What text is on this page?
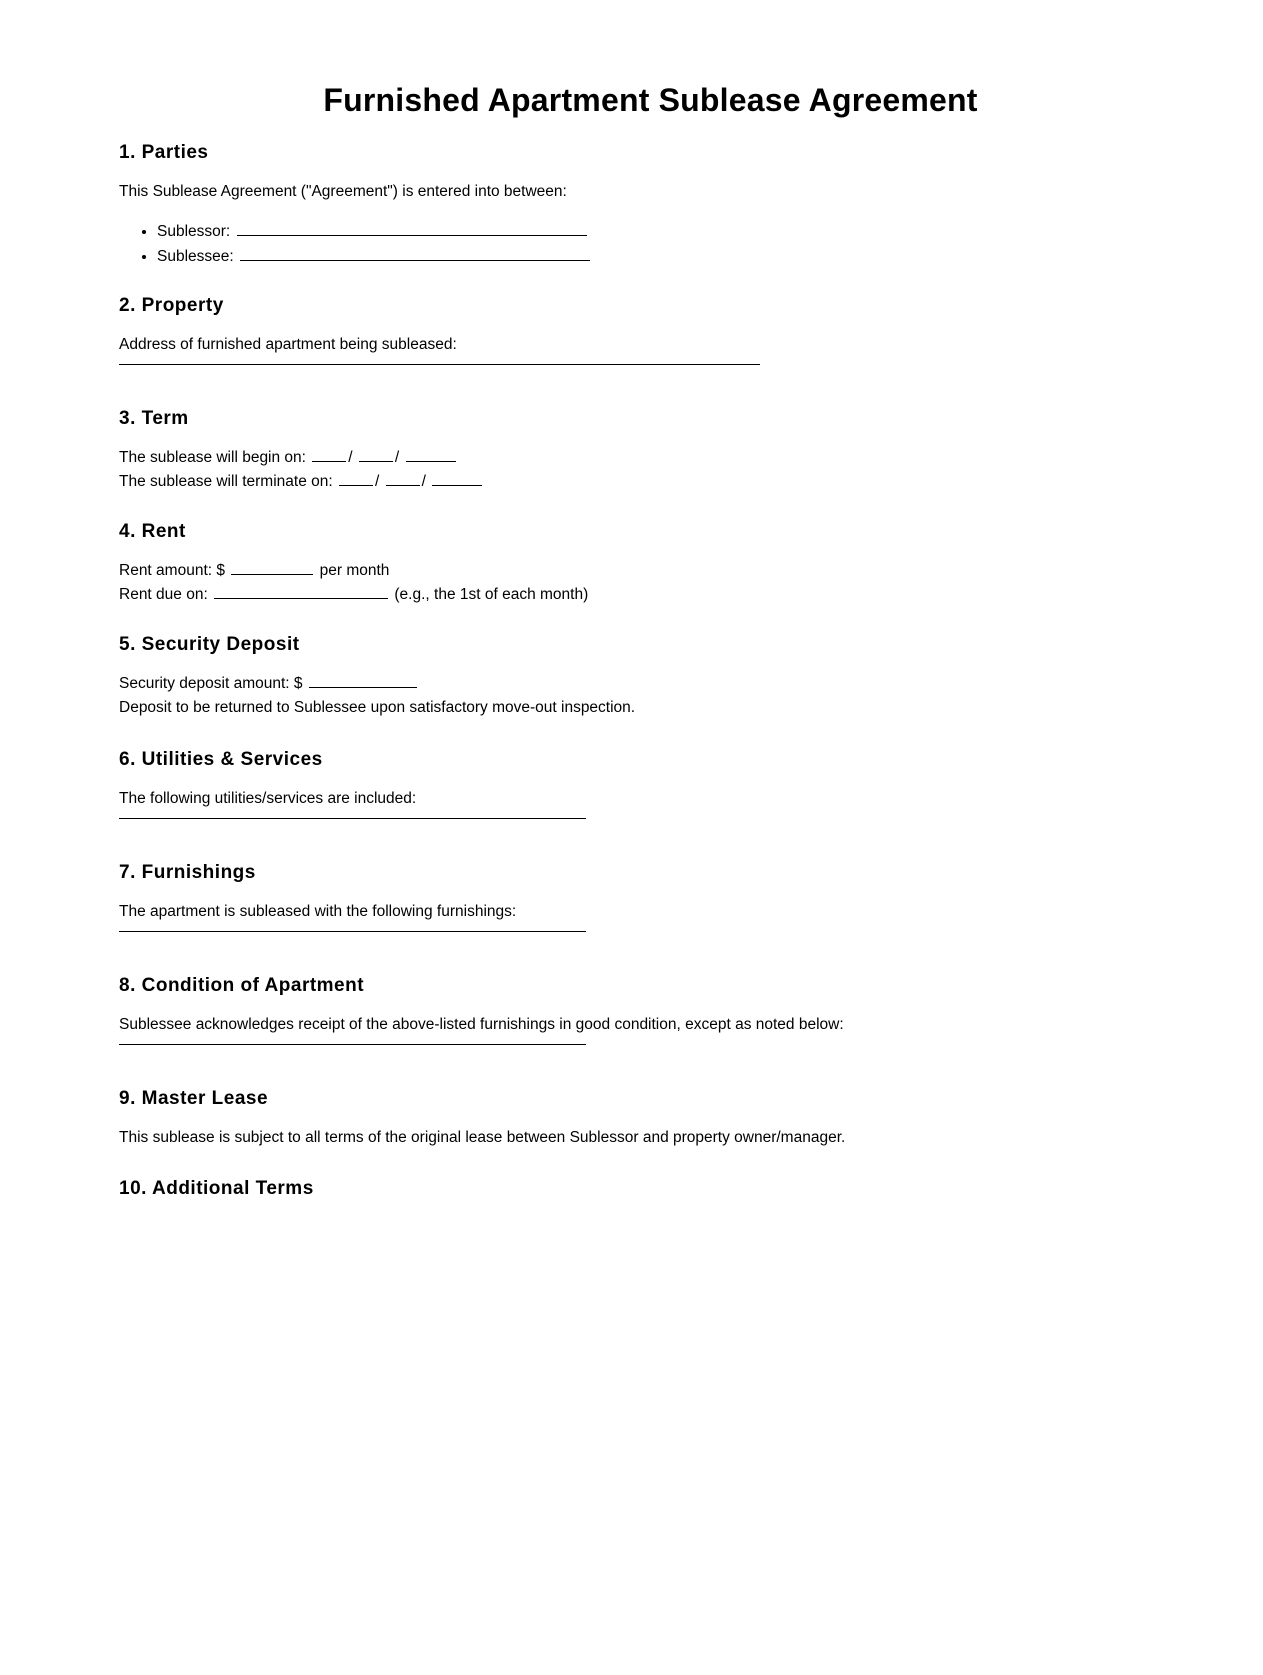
Furnished Apartment Sublease Agreement
1. Parties

This Sublease Agreement ("Agreement") is entered into between:

• Sublessor:
• Sublessee:
2. Property

Address of furnished apartment being subleased:

3. Term

The sublease will begin on:	/	/

The sublease will terminate on:	/	/

4. Rent

Rent amount: $	per month

Rent due on:	(e.g., the 1st of each month)

5. Security Deposit

Security deposit amount: $

Deposit to be returned to Sublessee upon satisfactory move-out inspection.

6. Utilities & Services

The following utilities/services are included:

7. Furnishings

The apartment is subleased with the following furnishings:

8. Condition of Apartment

Sublessee acknowledges receipt of the above-listed furnishings in good condition, except as noted below:

9. Master Lease

This sublease is subject to all terms of the original lease between Sublessor and property owner/manager.

10. Additional Terms
